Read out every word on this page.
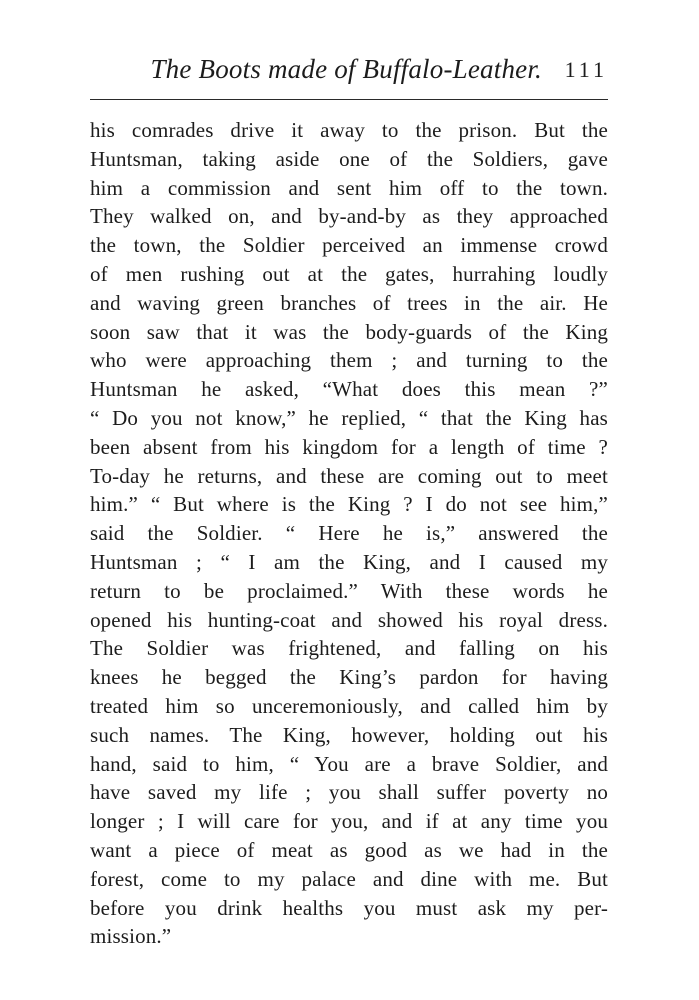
The Boots made of Buffalo-Leather. 111
his comrades drive it away to the prison. But the
Huntsman, taking aside one of the Soldiers, gave
him a commission and sent him off to the town.
They walked on, and by-and-by as they approached
the town, the Soldier perceived an immense crowd
of men rushing out at the gates, hurrahing loudly
and waving green branches of trees in the air. He
soon saw that it was the body-guards of the King
who were approaching them ; and turning to the
Huntsman he asked, “What does this mean ?”
“ Do you not know,” he replied, “ that the King has
been absent from his kingdom for a length of time ?
To-day he returns, and these are coming out to meet
him.” “ But where is the King ? I do not see him,”
said the Soldier. “ Here he is,” answered the
Huntsman ; “ I am the King, and I caused my
return to be proclaimed.” With these words he
opened his hunting-coat and showed his royal dress.
The Soldier was frightened, and falling on his
knees he begged the King’s pardon for having
treated him so unceremoniously, and called him by
such names. The King, however, holding out his
hand, said to him, “ You are a brave Soldier, and
have saved my life ; you shall suffer poverty no
longer ; I will care for you, and if at any time you
want a piece of meat as good as we had in the
forest, come to my palace and dine with me. But
before you drink healths you must ask my per-
mission.”
